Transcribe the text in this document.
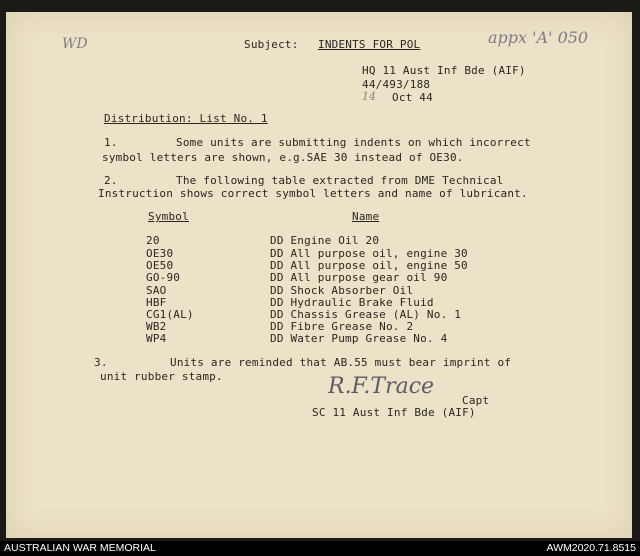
WD	appx 'A' 050
Subject: INDENTS FOR POL
HQ 11 Aust Inf Bde (AIF)
44/493/188
14 Oct 44
Distribution: List No. 1
1.	Some units are submitting indents on which incorrect
symbol letters are shown, e.g.SAE 30 instead of OE30.
2.	The following table extracted from DME Technical
Instruction shows correct symbol letters and name of lubricant.
Symbol	Name
20	DD Engine Oil 20
OE30	DD All purpose oil, engine 30
OE50	DD All purpose oil, engine 50
GO-90	DD All purpose gear oil 90
SAO	DD Shock Absorber Oil
HBF	DD Hydraulic Brake Fluid
CG1(AL)	DD Chassis Grease (AL) No. 1
WB2	DD Fibre Grease No. 2
WP4	DD Water Pump Grease No. 4
3.	Units are reminded that AB.55 must bear imprint of
unit rubber stamp.	R.F.Trace
Capt
SC 11 Aust Inf Bde (AIF)
AUSTRALIAN WAR MEMORIAL	AWM2020.71.8515
